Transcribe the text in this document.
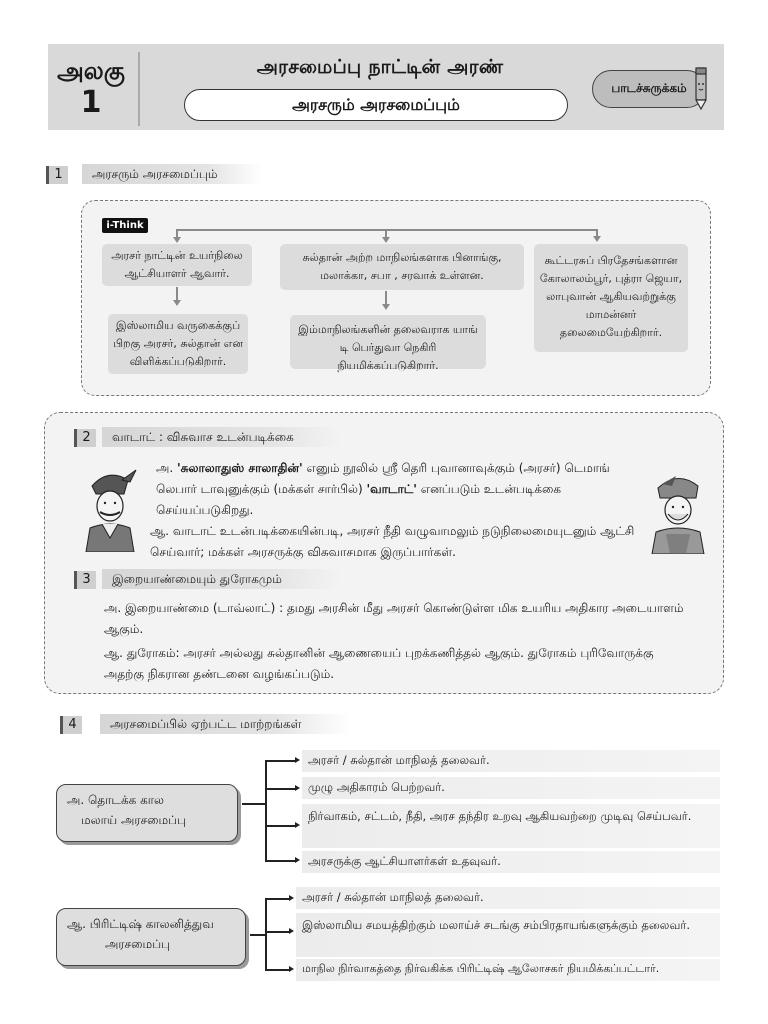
அலகு
1
அரசமைப்பு நாட்டின் அரண்
அரசரும் அரசமைப்பும்
பாடச்சுருக்கம்
1	அரசரும் அரசமைப்பும்
i-Think
அரசர் நாட்டின் உயர்நிலை ஆட்சியாளர் ஆவார்.
இஸ்லாமிய வருகைக்குப் பிறகு அரசர், சுல்தான் என விளிக்கப்படுகிறார்.
சுல்தான் அற்ற மாநிலங்களாக பினாங்கு, மலாக்கா, சபா , சரவாக் உள்ளன.
இம்மாநிலங்களின் தலைவராக யாங் டி பெர்துவா நெகிரி நியமிக்கப்படுகிறார்.
கூட்டரசுப் பிரதேசங்களான கோலாலம்பூர், புத்ரா ஜெயா, லாபுவான் ஆகியவற்றுக்கு மாமன்னர் தலைமையேற்கிறார்.
2	வாடாட் : விசுவாச உடன்படிக்கை
அ. 'சுலாலாதுஸ் சாலாதின்' எனும் நூலில் ஸ்ரீ தெரி புவானாவுக்கும் (அரசர்) டெமாங் லெபார் டாவுனுக்கும் (மக்கள் சார்பில்) 'வாடாட்' எனப்படும் உடன்படிக்கை செய்யப்படுகிறது.
ஆ. வாடாட் உடன்படிக்கையின்படி, அரசர் நீதி வழுவாமலும் நடுநிலைமையுடனும் ஆட்சி செய்வார்; மக்கள் அரசருக்கு விசுவாசமாக இருப்பார்கள்.
3	இறையாண்மையும் துரோகமும்
அ. இறையாண்மை (டாவ்லாட்) : தமது அரசின் மீது அரசர் கொண்டுள்ள மிக உயரிய அதிகார அடையாளம் ஆகும்.
ஆ. துரோகம்: அரசர் அல்லது சுல்தானின் ஆணையைப் புறக்கணித்தல் ஆகும். துரோகம் புரிவோருக்கு அதற்கு நிகரான தண்டனை வழங்கப்படும்.
4	அரசமைப்பில் ஏற்பட்ட மாற்றங்கள்
அ. தொடக்க கால
மலாய் அரசமைப்பு
அரசர் / சுல்தான் மாநிலத் தலைவர்.
முழு அதிகாரம் பெற்றவர்.
நிர்வாகம், சட்டம், நீதி, அரச தந்திர உறவு ஆகியவற்றை முடிவு செய்பவர்.
அரசருக்கு ஆட்சியாளர்கள் உதவுவர்.
ஆ. பிரிட்டிஷ் காலனித்துவ
அரசமைப்பு
அரசர் / சுல்தான் மாநிலத் தலைவர்.
இஸ்லாமிய சமயத்திற்கும் மலாய்ச் சடங்கு சம்பிரதாயங்களுக்கும் தலைவர்.
மாநில நிர்வாகத்தை நிர்வகிக்க பிரிட்டிஷ் ஆலோசகர் நியமிக்கப்பட்டார்.
